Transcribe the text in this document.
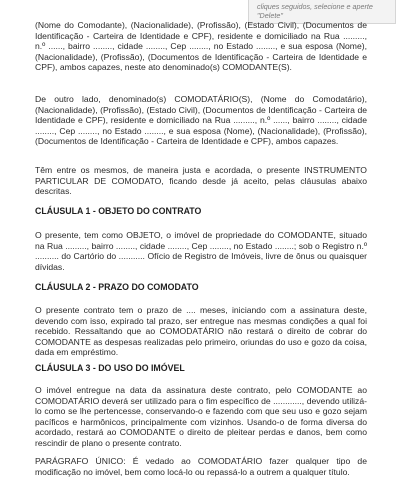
cliques seguidos, selecione e aperte "Delete"

(Nome do Comodante), (Nacionalidade), (Profissão), (Estado Civil), (Documentos de Identificação - Carteira de Identidade e CPF), residente e domiciliado na Rua ........., n.º ......, bairro ........, cidade ........, Cep ........, no Estado ........, e sua esposa (Nome), (Nacionalidade), (Profissão), (Documentos de Identificação - Carteira de Identidade e CPF), ambos capazes, neste ato denominado(s) COMODANTE(S).

De outro lado, denominado(s) COMODATÁRIO(S), (Nome do Comodatário), (Nacionalidade), (Profissão), (Estado Civil), (Documentos de Identificação - Carteira de Identidade e CPF), residente e domiciliado na Rua ........., n.º ......, bairro ........, cidade ........, Cep ........, no Estado ........, e sua esposa (Nome), (Nacionalidade), (Profissão), (Documentos de Identificação - Carteira de Identidade e CPF), ambos capazes.

Têm entre os mesmos, de maneira justa e acordada, o presente INSTRUMENTO PARTICULAR DE COMODATO, ficando desde já aceito, pelas cláusulas abaixo descritas.

CLÁUSULA 1 - OBJETO DO CONTRATO

O presente, tem como OBJETO, o imóvel de propriedade do COMODANTE, situado na Rua ........., bairro ........, cidade ........, Cep ........, no Estado ........; sob o Registro n.º .......... do Cartório do ........... Ofício de Registro de Imóveis, livre de ônus ou quaisquer dívidas.

CLÁUSULA 2 - PRAZO DO COMODATO

O presente contrato tem o prazo de .... meses, iniciando com a assinatura deste, devendo com isso, expirado tal prazo, ser entregue nas mesmas condições a qual foi recebido. Ressaltando que ao COMODATÁRIO não restará o direito de cobrar do COMODANTE as despesas realizadas pelo primeiro, oriundas do uso e gozo da coisa, dada em empréstimo.

CLÁUSULA 3 - DO USO DO IMÓVEL

O imóvel entregue na data da assinatura deste contrato, pelo COMODANTE ao COMODATÁRIO deverá ser utilizado para o fim específico de ............, devendo utilizá-lo como se lhe pertencesse, conservando-o e fazendo com que seu uso e gozo sejam pacíficos e harmônicos, principalmente com vizinhos. Usando-o de forma diversa do acordado, restará ao COMODANTE o direito de pleitear perdas e danos, bem como rescindir de plano o presente contrato.

PARÁGRAFO ÚNICO: É vedado ao COMODATÁRIO fazer qualquer tipo de modificação no imóvel, bem como locá-lo ou repassá-lo a outrem a qualquer título.
